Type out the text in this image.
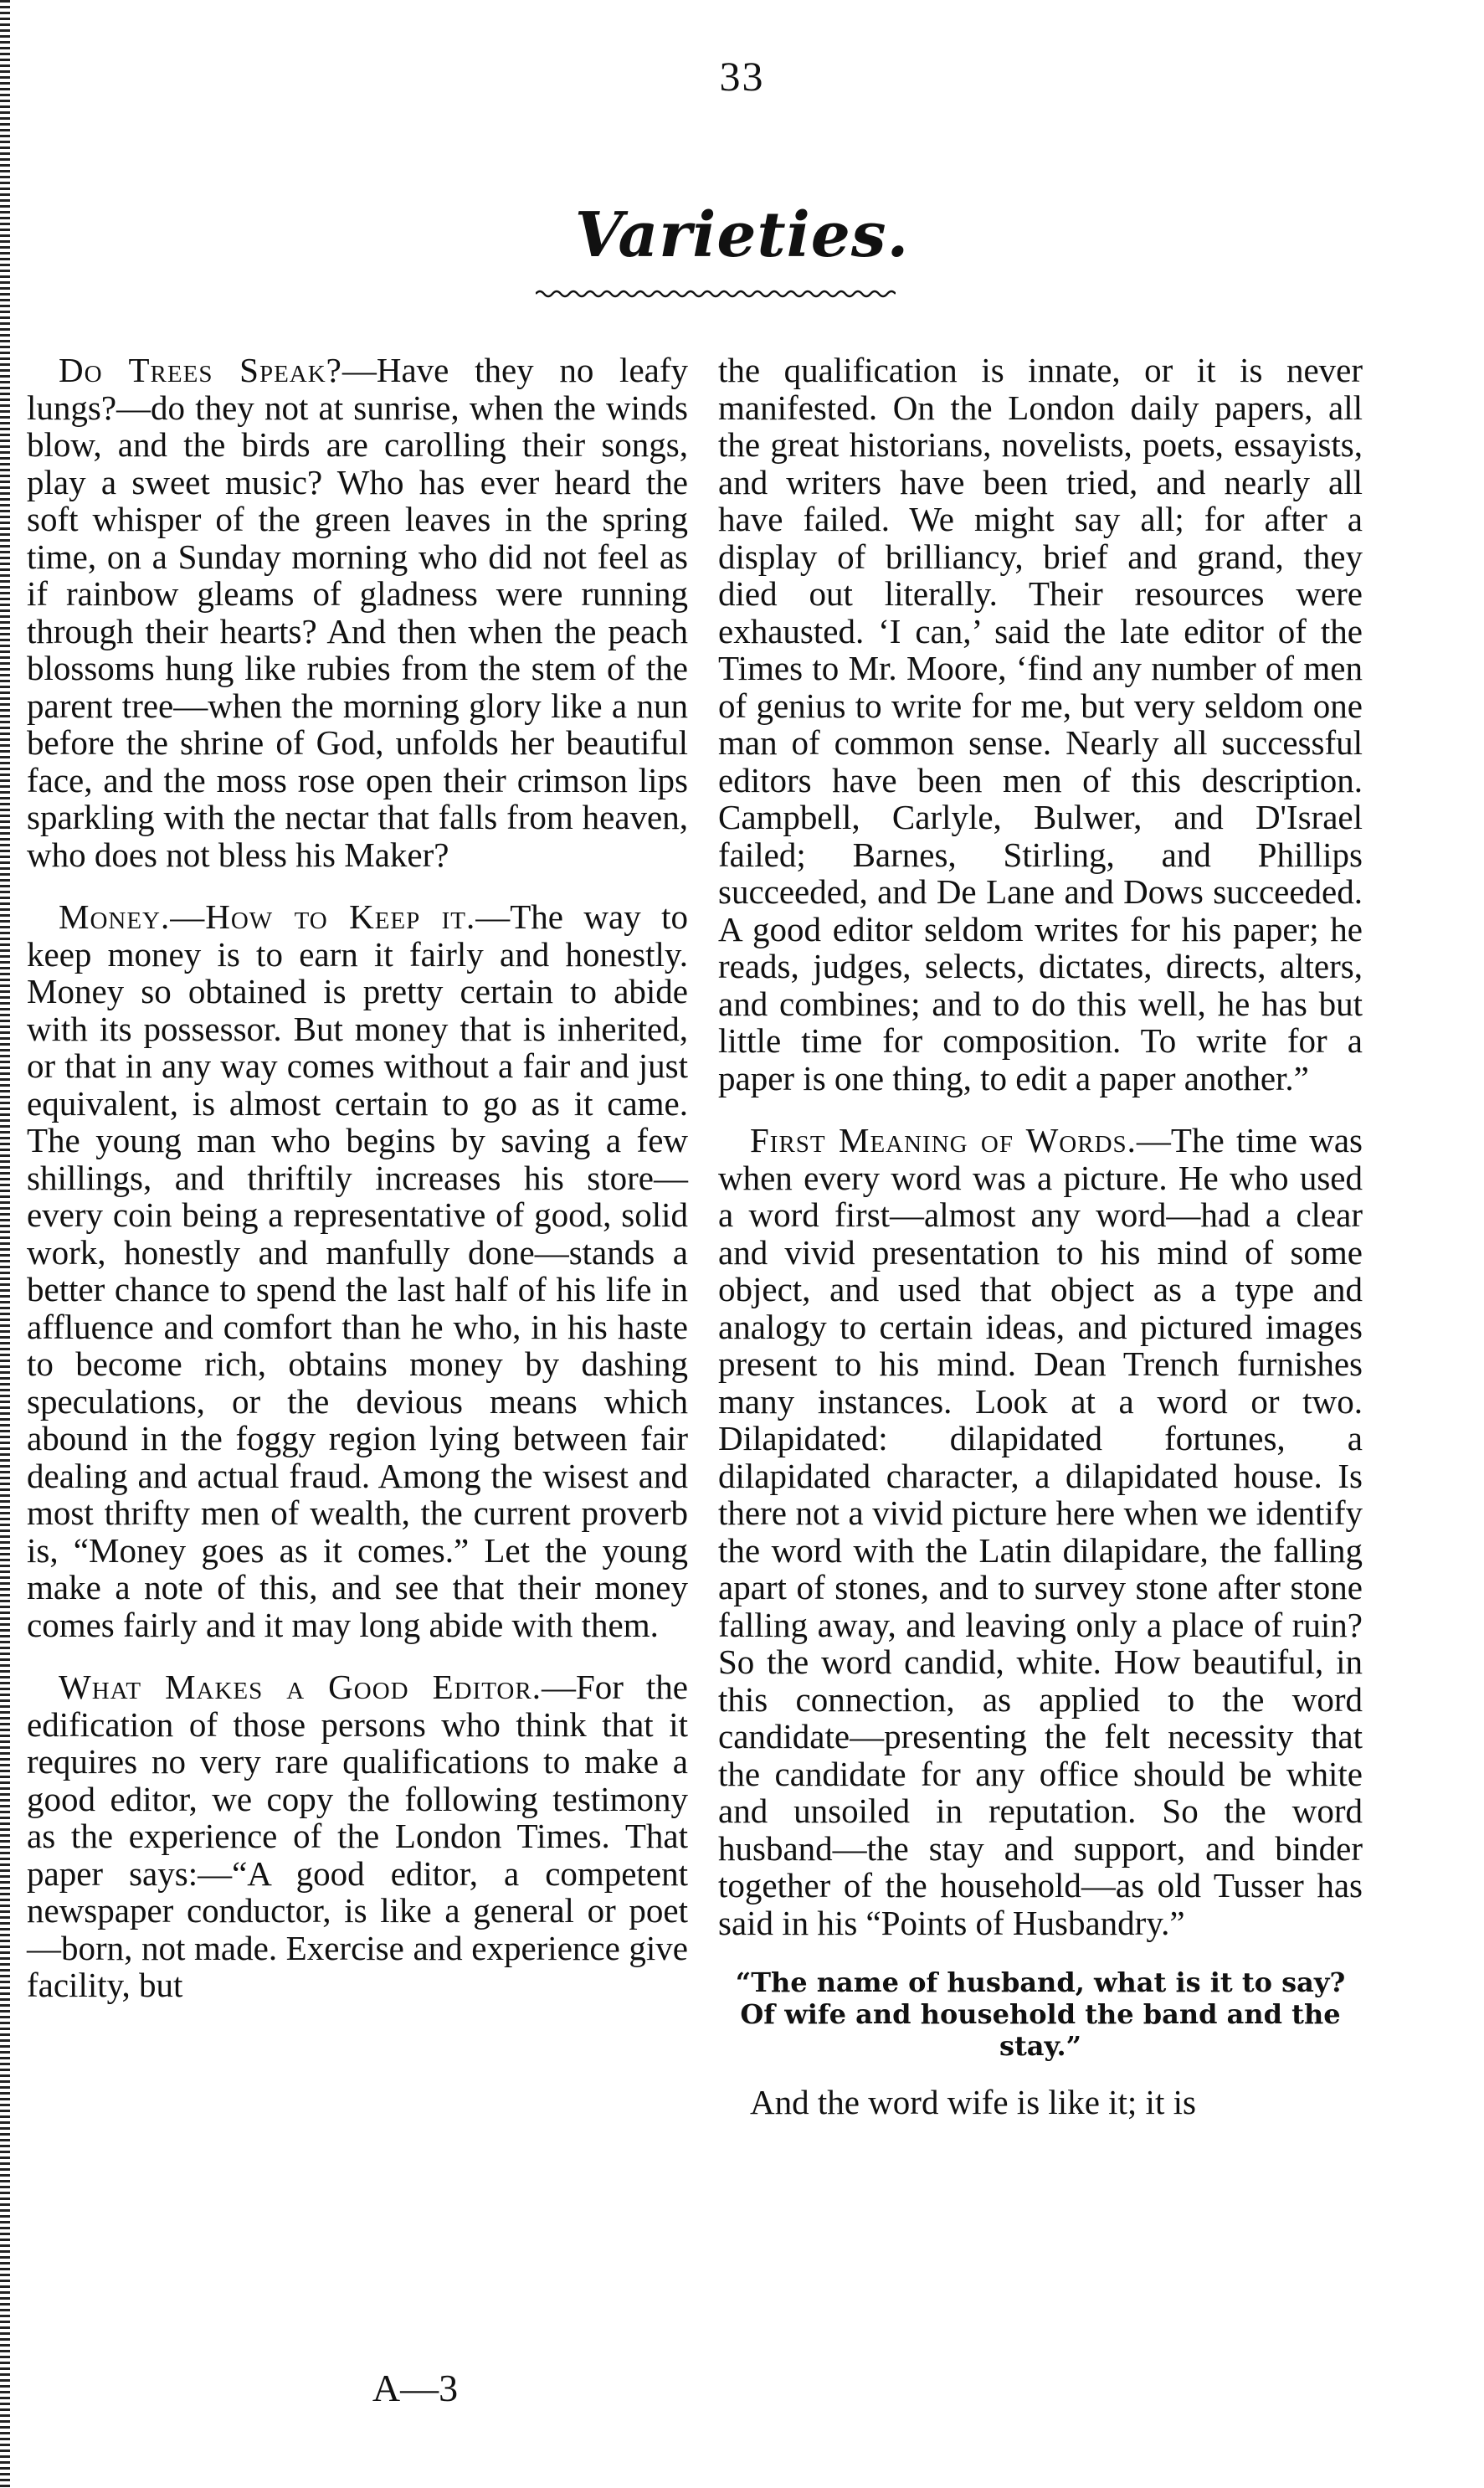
33
Varieties.

Do Trees Speak?—Have they no leafy lungs?—do they not at sunrise, when the winds blow, and the birds are carolling their songs, play a sweet music? Who has ever heard the soft whisper of the green leaves in the spring time, on a Sunday morning who did not feel as if rainbow gleams of gladness were running through their hearts? And then when the peach blossoms hung like rubies from the stem of the parent tree—when the morning glory like a nun before the shrine of God, unfolds her beautiful face, and the moss rose open their crimson lips sparkling with the nectar that falls from heaven, who does not bless his Maker?

Money.—How to Keep it.—The way to keep money is to earn it fairly and honestly. Money so obtained is pretty certain to abide with its possessor. But money that is inherited, or that in any way comes without a fair and just equivalent, is almost certain to go as it came. The young man who begins by saving a few shillings, and thriftily increases his store—every coin being a representative of good, solid work, honestly and manfully done—stands a better chance to spend the last half of his life in affluence and comfort than he who, in his haste to become rich, obtains money by dashing speculations, or the devious means which abound in the foggy region lying between fair dealing and actual fraud. Among the wisest and most thrifty men of wealth, the current proverb is, “Money goes as it comes.” Let the young make a note of this, and see that their money comes fairly and it may long abide with them.

What Makes a Good Editor.—For the edification of those persons who think that it requires no very rare qualifications to make a good editor, we copy the following testimony as the experience of the London Times. That paper says:—“A good editor, a competent newspaper conductor, is like a general or poet—born, not made. Exercise and experience give facility, but

the qualification is innate, or it is never manifested. On the London daily papers, all the great historians, novelists, poets, essayists, and writers have been tried, and nearly all have failed. We might say all; for after a display of brilliancy, brief and grand, they died out literally. Their resources were exhausted. ‘I can,’ said the late editor of the Times to Mr. Moore, ‘find any number of men of genius to write for me, but very seldom one man of common sense. Nearly all successful editors have been men of this description. Campbell, Carlyle, Bulwer, and D'Israel failed; Barnes, Stirling, and Phillips succeeded, and De Lane and Dows succeeded. A good editor seldom writes for his paper; he reads, judges, selects, dictates, directs, alters, and combines; and to do this well, he has but little time for composition. To write for a paper is one thing, to edit a paper another.”

First Meaning of Words.—The time was when every word was a picture. He who used a word first—almost any word—had a clear and vivid presentation to his mind of some object, and used that object as a type and analogy to certain ideas, and pictured images present to his mind. Dean Trench furnishes many instances. Look at a word or two. Dilapidated: dilapidated fortunes, a dilapidated character, a dilapidated house. Is there not a vivid picture here when we identify the word with the Latin dilapidare, the falling apart of stones, and to survey stone after stone falling away, and leaving only a place of ruin? So the word candid, white. How beautiful, in this connection, as applied to the word candidate—presenting the felt necessity that the candidate for any office should be white and unsoiled in reputation. So the word husband—the stay and support, and binder together of the household—as old Tusser has said in his “Points of Husbandry.”

“The name of husband, what is it to say?
Of wife and household the band and the stay.”

And the word wife is like it; it is

A—3
